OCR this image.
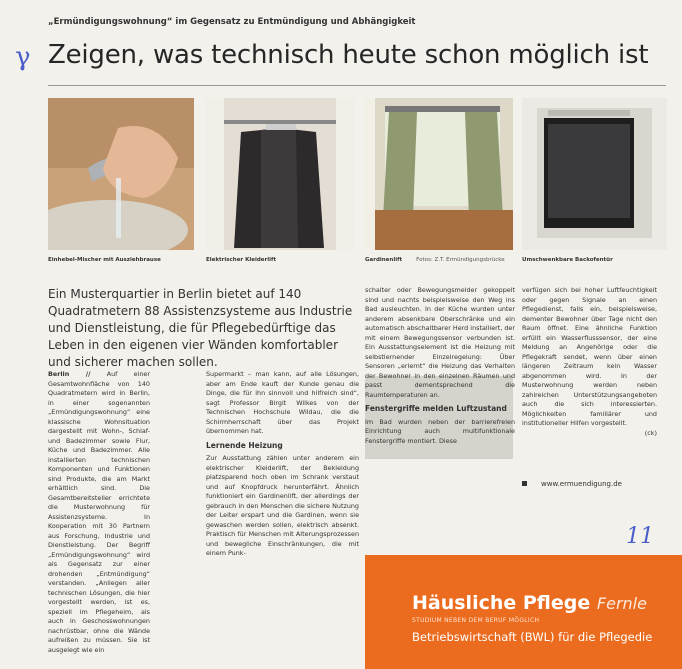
γ
„Ermündigungswohnung“ im Gegensatz zu Entmündigung und Abhängigkeit
Zeigen, was technisch heute schon möglich ist
Einhebel-Mischer mit Ausziehbrause	Elektrischer Kleiderlift	Gardinenlift	Fotos: Z.T. Ermündigungsbrücke	Umschwenkbare Backofentür
Ein Musterquartier in Berlin bietet auf 140 Quadratmetern 88 Assistenzsysteme aus Industrie und Dienstleistung, die für Pflegebedürftige das Leben in den eigenen vier Wänden komfortabler und sicherer machen sollen.

Berlin //	Auf einer Gesamtwohnfläche von 140 Quadratmetern wird in Berlin, in einer sogenannten „Ermündigungswohnung“ eine klassische Wohnsituation dargestellt mit Wohn-, Schlaf- und Badezimmer sowie Flur, Küche und Badezimmer. Alle installierten technischen Komponenten und Funktionen sind Produkte, die am Markt erhältlich sind. Die Gesamtbereitsteller errichtete die Musterwohnung für Assistenzsysteme. In Kooperation mit 30 Partnern aus Forschung, Industrie und Dienstleistung. Der Begriff „Ermündigungswohnung“ wird als Gegensatz zur einer drohenden „Entmündigung“ verstanden. „Anliegen aller technischen Lösungen, die hier vorgestellt werden, ist es, speziell im Pflegeheim, als auch in Geschosswohnungen nachrüstbar, ohne die Wände aufreißen zu müssen. Sie ist ausgelegt wie ein

Supermarkt – man kann, auf alle Lösungen, aber am Ende kauft der Kunde genau die Dinge, die für ihn sinnvoll und hilfreich sind“, sagt Professor Birgit Wilkes von der Technischen Hochschule Wildau, die die Schirmherrschaft über das Projekt übernommen hat.

Lernende Heizung

Zur Ausstattung zählen unter anderem ein elektrischer Kleiderlift, der Bekleidung platzsparend hoch oben im Schrank verstaut und auf Knopfdruck herunterfährt. Ähnlich funktioniert ein Gardinenlift, der allerdings der gebrauch in den Menschen die sichere Nutzung der Leiter erspart und die Gardinen, wenn sie gewaschen werden sollen, elektrisch absenkt. Praktisch für Menschen mit Alterungsprozessen und bewegliche Einschränkungen, die mit einem Punk-

schalter oder Bewegungsmelder gekoppelt sind und nachts beispielsweise den Weg ins Bad ausleuchten. In der Küche wurden unter anderem absenkbare Oberschränke und ein automatisch abschaltbarer Herd installiert, der mit einem Bewegungssensor verbunden ist. Ein Ausstattungselement ist die Heizung mit selbstlernender Einzelregelung: Über Sensoren „erlernt“ die Heizung das Verhalten der Bewohner in den einzelnen Räumen und passt dementsprechend die Raumtemperaturen an.

Fenstergriffe melden Luftzustand

Im Bad wurden neben der barrierefreien Einrichtung auch multifunktionale Fenstergriffe montiert. Diese

verfügen sich bei hoher Luftfeuchtigkeit oder gegen Signale an einen Pflegedienst, falls ein, beispielsweise, dementer Bewohner über Tage nicht den Raum öffnet. Eine ähnliche Funktion erfüllt ein Wasserflusssensor, der eine Meldung an Angehörige oder die Pflegekraft sendet, wenn über einen längeren Zeitraum kein Wasser abgenommen wird. In der Musterwohnung werden neben zahlreichen Unterstützungsangeboten auch die sich interessierten. Möglichkeiten familiärer und institutioneller Hilfen vorgestellt.

(ck)

www.ermuendigung.de
11
Häusliche Pflege Fernle
STUDIUM NEBEN DEM BERUF MÖGLICH
Betriebswirtschaft (BWL) für die Pflegedie
